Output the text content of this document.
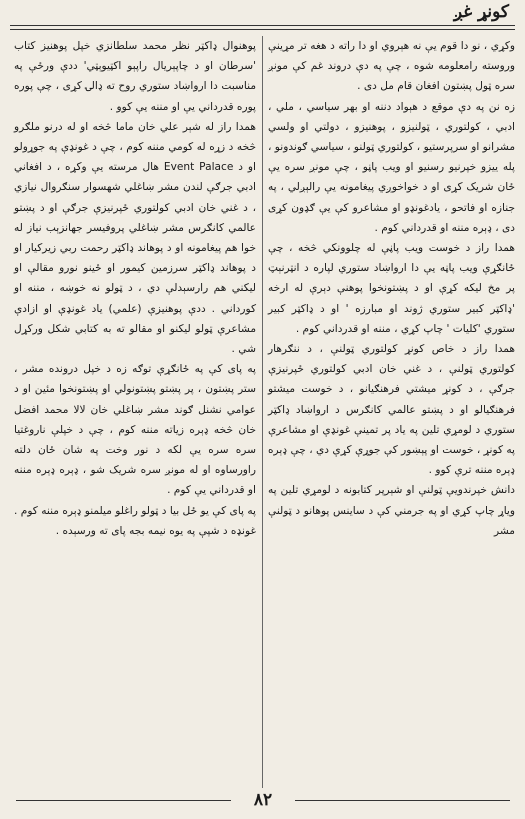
کونړ غږ

وکړي ، نو دا قوم يې نه هېروي او دا راته د هغه تر مړينې وروسته رامعلومه شوه ، چې په دې دروند غم کې مونږ سره ټول پښتون افغان قام مل دی .

زه نن په دې موقع د هېواد دننه او بهر سياسي ، ملي ، ادبي ، کولتوري ، ټولنيزو ، پوهنيزو ، دولتي او ولسي مشرانو او سرپرستيو ، کولتوري ټولنو ، سياسي ګوندونو ، پله ييزو خپرنيو رسنيو او ويب پاڼو ، چې مونږ سره يې ځان شريک کړی او د خواخوږي پيغامونه يې رالېږلي ، په جنازه او فاتحو ، يادغونډو او مشاعرو کې يې ګډون کړی دی ، ډېره مننه او قدرداني کوم .

همدا راز د خوست ويب پاڼې له چلوونکي څخه ، چې ځانګړې ويب پاڼه يې دا ارواښاد ستوري لپاره د انټرنېټ پر مخ ليکه کړې او د پښتونخوا پوهنې دېرې له ارخه 'ډاکټر کبير ستوري ژوند او مبارزه ' او د ډاکټر کبير ستوري 'کليات ' چاپ کړي ، مننه او قدرداني کوم .

همدا راز د خاص کونړ کولتوري ټولنې ، د ننګرهار کولتوري ټولنې ، د غني خان ادبي کولتوري ځپرنيزې جرګې ، د کونړ ميشتي فرهنګيانو ، د خوست ميشتو فرهنګيالو او د پښتو عالمي کانګرس د ارواښاد ډاکټر ستوري د لومړي تلين په ياد پر تمينې غونډې او مشاعرې په کونړ ، خوست او پېښور کې جوړې کړې دي ، چې ډېره ډېره مننه ترې کوو .

دانش خپرندويې ټولنې او شېرپر کتابونه د لومړي تلين په وياړ چاپ کړي او په جرمني کې د ساينس پوهانو د ټولنې مشر

پوهنوال ډاکټر نظر محمد سلطانزي خپل پوهنيز کتاب 'سرطان او د چاپېريال راپېو اکټيوېټي' ددې ورځې په مناسبت دا ارواښاد ستوري روح ته ډالۍ کړی ، چې پوره پوره قدرداني يې او مننه يې کوو .

همدا راز له شېر علي خان ماما څخه او له درنو ملګرو څخه د زړه له کومي مننه کوم ، چې د غونډې په جوړولو او د Event Palace هال مرسته يې وکړه ، د افغاني ادبي جرګې لندن مشر ښاغلي شهسوار سنګروال نيازي ، د غني خان ادبي کولتوري ځپرنيزې جرګې او د پښتو عالمي کانګرس مشر ښاغلي پروفيسر جهانزېب نياز له خوا هم پيغامونه او د پوهاند ډاکټر رحمت ربي زيرکيار او د پوهاند ډاکټر سرزمين کيمور او ځينو نورو مقالې او ليکني هم رارسېدلې دي ، د ټولو نه خوښه ، مننه او کورداني . ددې پوهنيزې (علمي) ياد غونډې او ازادې مشاعرې ټولو ليکنو او مقالو ته به کتابي شکل ورکړل شي .

په پای کې په ځانګړې توګه زه د خپل درونده مشر ، ستر پښتون ، پر پښتو پښتونولي او پښتونخوا مئين او د عوامي نشنل ګوند مشر ښاغلي خان لالا محمد افضل خان څخه ډېره زياته مننه کوم ، چې د خپلې ناروغتيا سره سره يې لکه د نور وخت په شان ځان دلته راورساوه او له مونږ سره شريک شو ، ډېره ډېره مننه او قدرداني يې کوم .

په پای کې يو ځل بيا د ټولو راغلو ميلمنو ډېره مننه کوم .

غونډه د شپې په يوه نيمه بجه پای ته ورسېده .

۸۲
